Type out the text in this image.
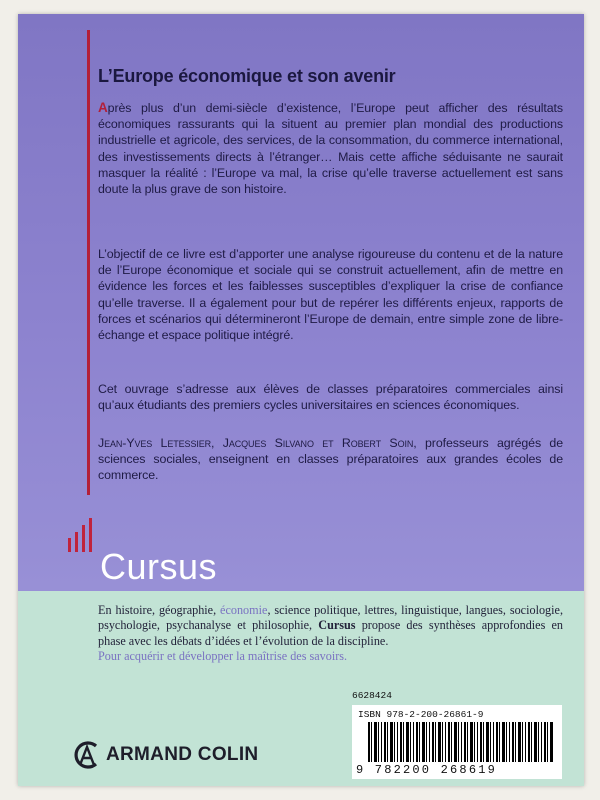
L’Europe économique et son avenir
Après plus d’un demi-siècle d’existence, l’Europe peut afficher des résultats économiques rassurants qui la situent au premier plan mondial des productions industrielle et agricole, des services, de la consommation, du commerce international, des investissements directs à l’étranger… Mais cette affiche séduisante ne saurait masquer la réalité : l’Europe va mal, la crise qu’elle traverse actuellement est sans doute la plus grave de son histoire.
L’objectif de ce livre est d’apporter une analyse rigoureuse du contenu et de la nature de l’Europe économique et sociale qui se construit actuellement, afin de mettre en évidence les forces et les faiblesses susceptibles d’expliquer la crise de confiance qu’elle traverse. Il a également pour but de repérer les différents enjeux, rapports de forces et scénarios qui détermineront l’Europe de demain, entre simple zone de libre-échange et espace politique intégré.
Cet ouvrage s’adresse aux élèves de classes préparatoires commerciales ainsi qu’aux étudiants des premiers cycles universitaires en sciences économiques.
Jean-Yves Letessier, Jacques Silvano et Robert Soin, professeurs agrégés de sciences sociales, enseignent en classes préparatoires aux grandes écoles de commerce.
Cursus
En histoire, géographie, économie, science politique, lettres, linguistique, langues, sociologie, psychologie, psychanalyse et philosophie, Cursus propose des synthèses approfondies en phase avec les débats d’idées et l’évolution de la discipline.
Pour acquérir et développer la maîtrise des savoirs.
6628424
ISBN 978-2-200-26861-9
9 782200 268619
ARMAND COLIN
